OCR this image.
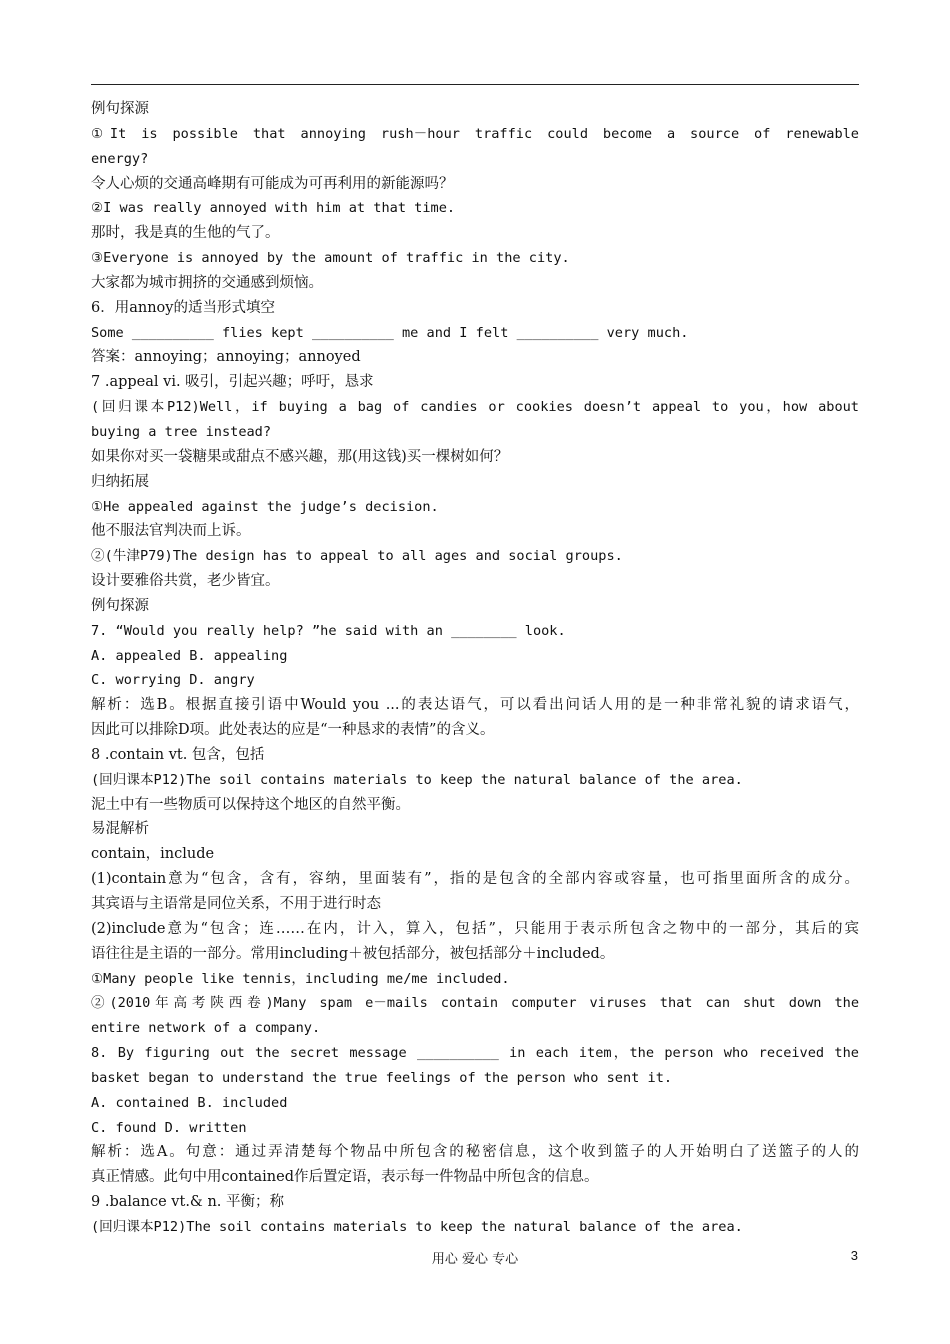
例句探源
①It is possible that annoying rush－hour traffic could become a source of renewable
energy?
令人心烦的交通高峰期有可能成为可再利用的新能源吗？
②I was really annoyed with him at that time.
那时，我是真的生他的气了。
③Everyone is annoyed by the amount of traffic in the city.
大家都为城市拥挤的交通感到烦恼。
6．用annoy的适当形式填空
Some __________ flies kept __________ me and I felt __________ very much.
答案：annoying；annoying；annoyed
7 .appeal vi. 吸引，引起兴趣；呼吁，恳求
(回归课本P12)Well，if buying a bag of candies or cookies doesn’t appeal to you，how about
buying a tree instead?
如果你对买一袋糖果或甜点不感兴趣，那(用这钱)买一棵树如何？
归纳拓展
①He appealed against the judge’s decision.
他不服法官判决而上诉。
②(牛津P79)The design has to appeal to all ages and social groups.
设计要雅俗共赏，老少皆宜。
例句探源
7. “Would you really help? ”he said with an ________ look.
A. appealed B. appealing
C. worrying D. angry
解析：选B。根据直接引语中Would you ...的表达语气，可以看出问话人用的是一种非常礼貌的请求语气，
因此可以排除D项。此处表达的应是“一种恳求的表情”的含义。
8 .contain vt. 包含，包括
(回归课本P12)The soil contains materials to keep the natural balance of the area.
泥土中有一些物质可以保持这个地区的自然平衡。
易混解析
contain，include
(1)contain意为“包含，含有，容纳，里面装有”，指的是包含的全部内容或容量，也可指里面所含的成分。
其宾语与主语常是同位关系，不用于进行时态
(2)include意为“包含；连……在内，计入，算入，包括”，只能用于表示所包含之物中的一部分，其后的宾
语往往是主语的一部分。常用including＋被包括部分，被包括部分＋included。
①Many people like tennis，including me/me included.
②(2010年高考陕西卷)Many spam e－mails contain computer viruses that can shut down the
entire network of a company.
8. By figuring out the secret message __________ in each item，the person who received the
basket began to understand the true feelings of the person who sent it.
A. contained B. included
C. found D. written
解析：选A。句意：通过弄清楚每个物品中所包含的秘密信息，这个收到篮子的人开始明白了送篮子的人的
真正情感。此句中用contained作后置定语，表示每一件物品中所包含的信息。
9 .balance vt.& n. 平衡；称
(回归课本P12)The soil contains materials to keep the natural balance of the area.
用心 爱心 专心	3
